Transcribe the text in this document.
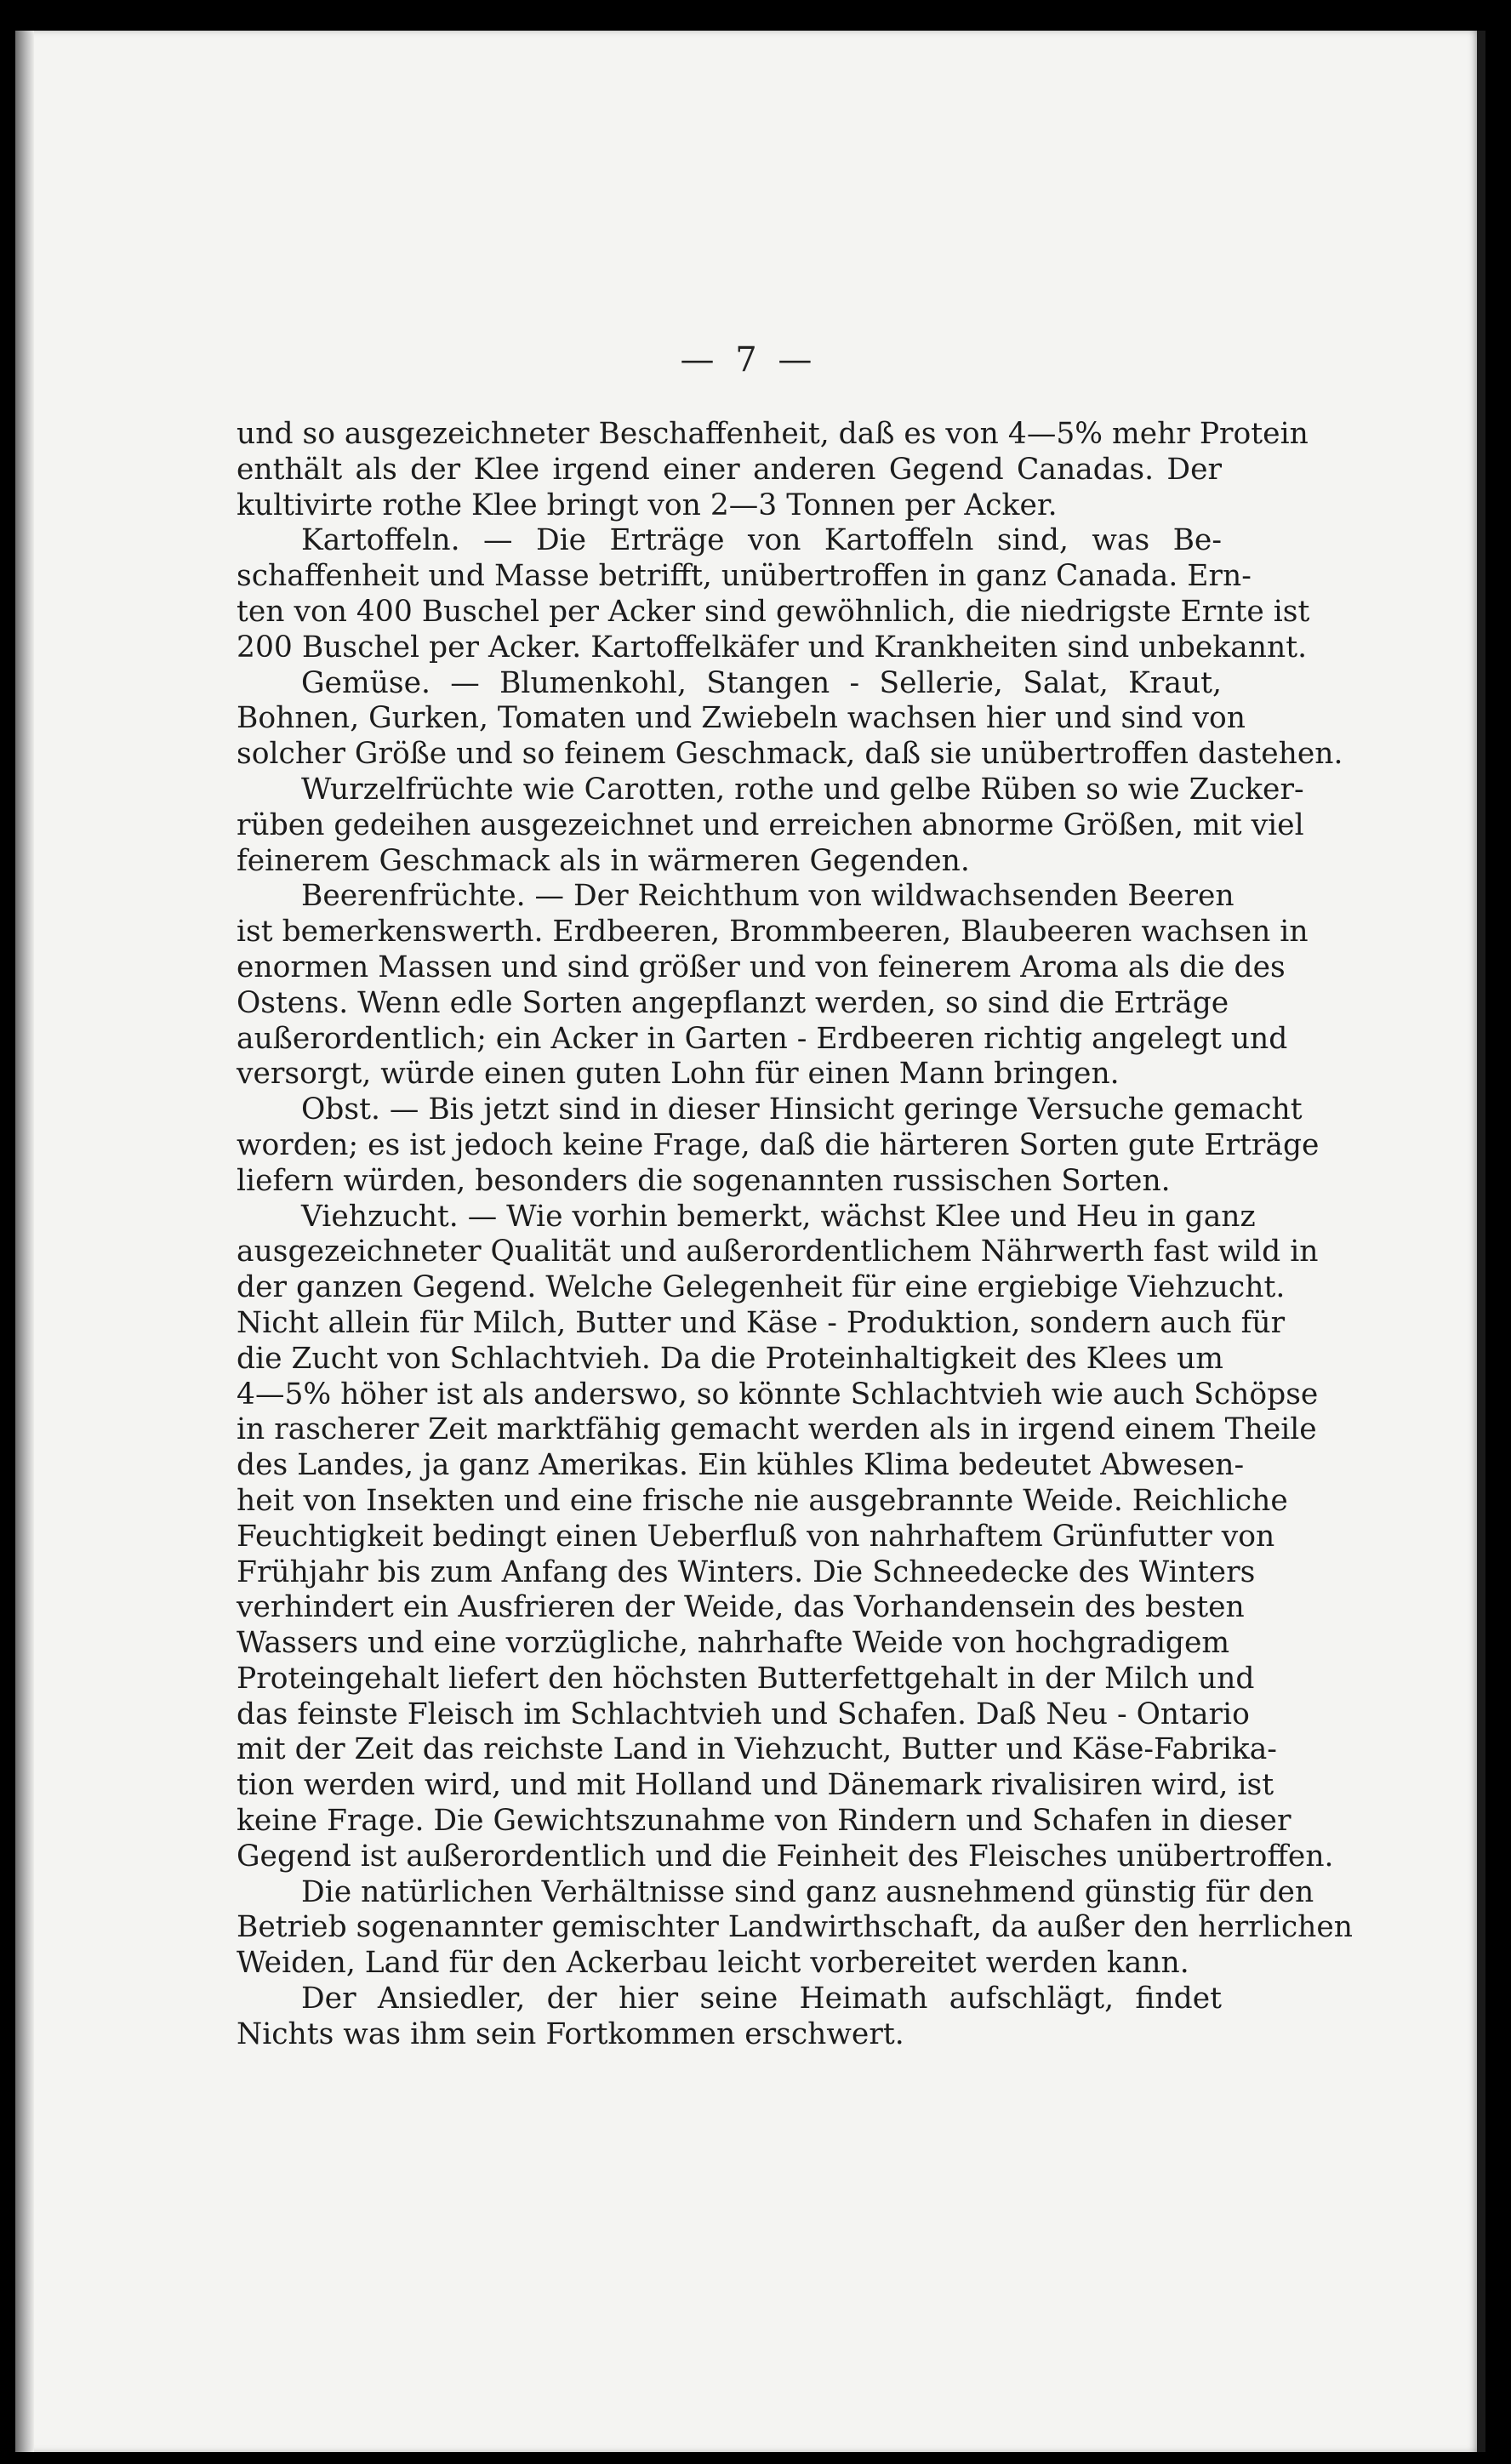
— 7 —
und so ausgezeichneter Beschaffenheit, daß es von 4—5% mehr Protein
enthält als der Klee irgend einer anderen Gegend Canadas. Der
kultivirte rothe Klee bringt von 2—3 Tonnen per Acker.
Kartoffeln. — Die Erträge von Kartoffeln sind, was Be-
schaffenheit und Masse betrifft, unübertroffen in ganz Canada. Ern-
ten von 400 Buschel per Acker sind gewöhnlich, die niedrigste Ernte ist
200 Buschel per Acker. Kartoffelkäfer und Krankheiten sind unbekannt.
Gemüse. — Blumenkohl, Stangen - Sellerie, Salat, Kraut,
Bohnen, Gurken, Tomaten und Zwiebeln wachsen hier und sind von
solcher Größe und so feinem Geschmack, daß sie unübertroffen dastehen.
Wurzelfrüchte wie Carotten, rothe und gelbe Rüben so wie Zucker-
rüben gedeihen ausgezeichnet und erreichen abnorme Größen, mit viel
feinerem Geschmack als in wärmeren Gegenden.
Beerenfrüchte. — Der Reichthum von wildwachsenden Beeren
ist bemerkenswerth. Erdbeeren, Brommbeeren, Blaubeeren wachsen in
enormen Massen und sind größer und von feinerem Aroma als die des
Ostens. Wenn edle Sorten angepflanzt werden, so sind die Erträge
außerordentlich; ein Acker in Garten - Erdbeeren richtig angelegt und
versorgt, würde einen guten Lohn für einen Mann bringen.
Obst. — Bis jetzt sind in dieser Hinsicht geringe Versuche gemacht
worden; es ist jedoch keine Frage, daß die härteren Sorten gute Erträge
liefern würden, besonders die sogenannten russischen Sorten.
Viehzucht. — Wie vorhin bemerkt, wächst Klee und Heu in ganz
ausgezeichneter Qualität und außerordentlichem Nährwerth fast wild in
der ganzen Gegend. Welche Gelegenheit für eine ergiebige Viehzucht.
Nicht allein für Milch, Butter und Käse - Produktion, sondern auch für
die Zucht von Schlachtvieh. Da die Proteinhaltigkeit des Klees um
4—5% höher ist als anderswo, so könnte Schlachtvieh wie auch Schöpse
in rascherer Zeit marktfähig gemacht werden als in irgend einem Theile
des Landes, ja ganz Amerikas. Ein kühles Klima bedeutet Abwesen-
heit von Insekten und eine frische nie ausgebrannte Weide. Reichliche
Feuchtigkeit bedingt einen Ueberfluß von nahrhaftem Grünfutter von
Frühjahr bis zum Anfang des Winters. Die Schneedecke des Winters
verhindert ein Ausfrieren der Weide, das Vorhandensein des besten
Wassers und eine vorzügliche, nahrhafte Weide von hochgradigem
Proteingehalt liefert den höchsten Butterfettgehalt in der Milch und
das feinste Fleisch im Schlachtvieh und Schafen. Daß Neu - Ontario
mit der Zeit das reichste Land in Viehzucht, Butter und Käse-Fabrika-
tion werden wird, und mit Holland und Dänemark rivalisiren wird, ist
keine Frage. Die Gewichtszunahme von Rindern und Schafen in dieser
Gegend ist außerordentlich und die Feinheit des Fleisches unübertroffen.
Die natürlichen Verhältnisse sind ganz ausnehmend günstig für den
Betrieb sogenannter gemischter Landwirthschaft, da außer den herrlichen
Weiden, Land für den Ackerbau leicht vorbereitet werden kann.
Der Ansiedler, der hier seine Heimath aufschlägt, findet
Nichts was ihm sein Fortkommen erschwert.
